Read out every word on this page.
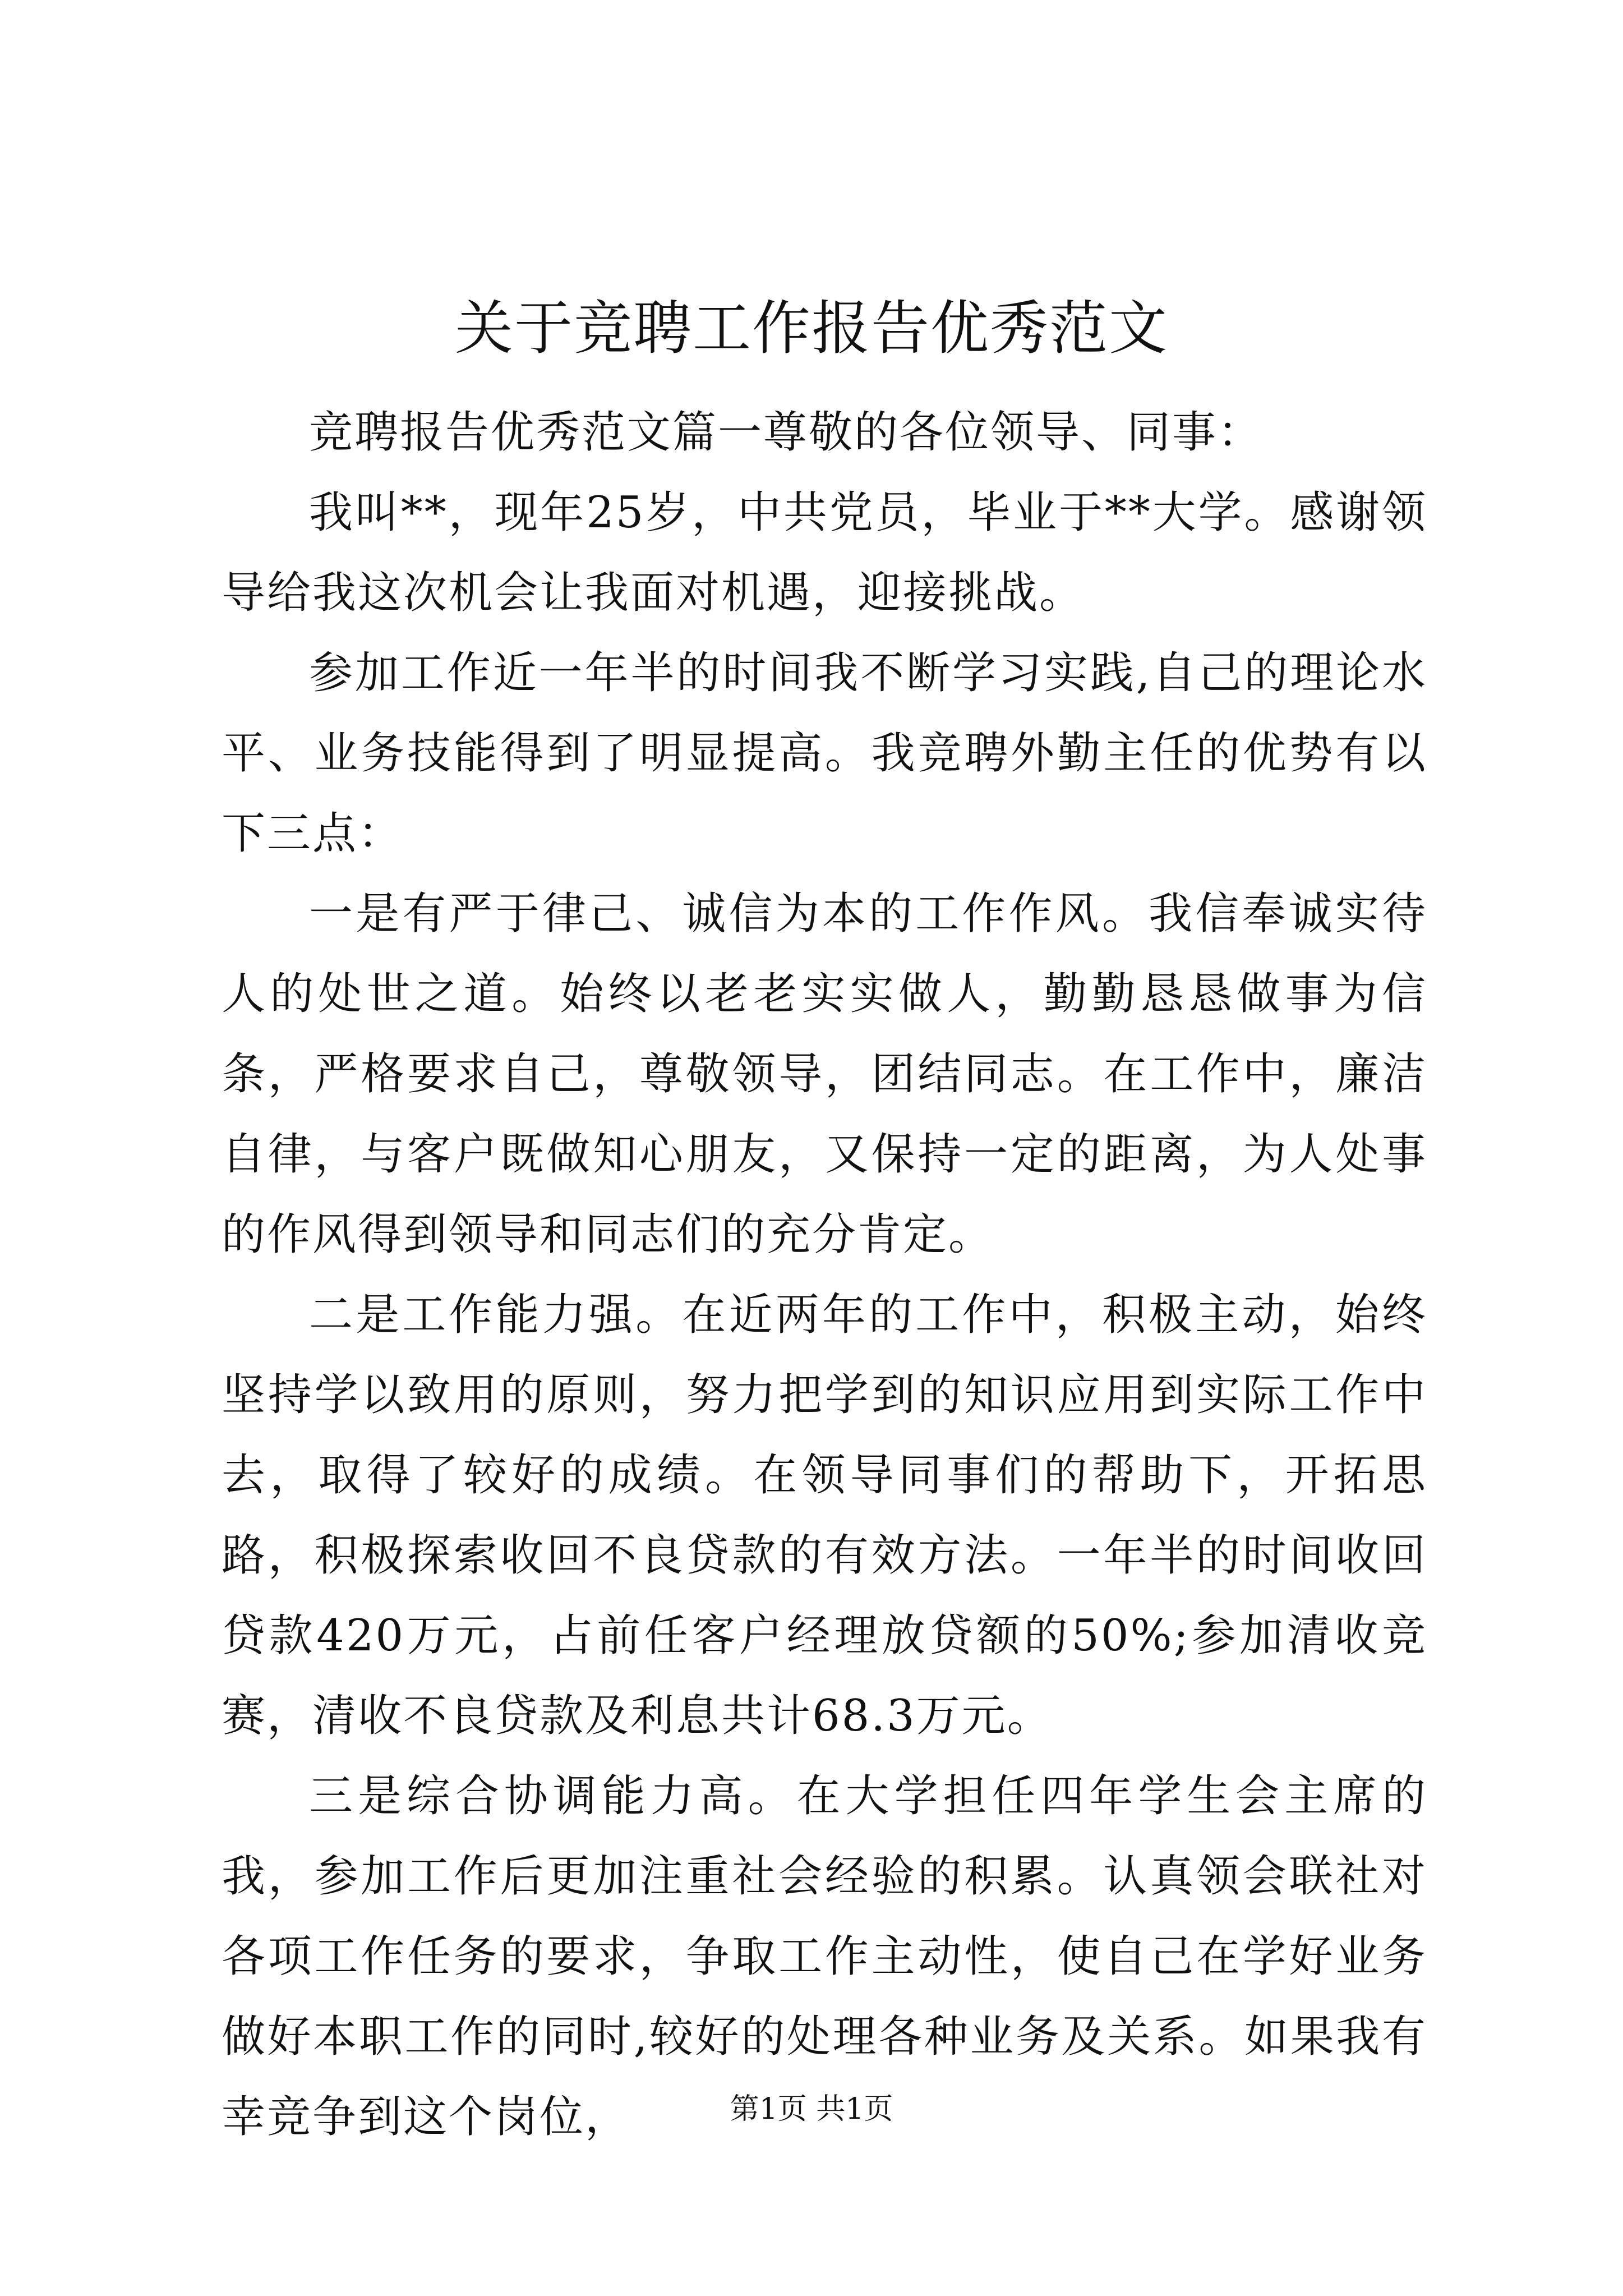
关于竞聘工作报告优秀范文

竞聘报告优秀范文篇一尊敬的各位领导、同事：

我叫**，现年25岁，中共党员，毕业于**大学。感谢领导给我这次机会让我面对机遇，迎接挑战。

参加工作近一年半的时间我不断学习实践,自己的理论水平、业务技能得到了明显提高。我竞聘外勤主任的优势有以下三点：

一是有严于律己、诚信为本的工作作风。我信奉诚实待人的处世之道。始终以老老实实做人，勤勤恳恳做事为信条，严格要求自己，尊敬领导，团结同志。在工作中，廉洁自律，与客户既做知心朋友，又保持一定的距离，为人处事的作风得到领导和同志们的充分肯定。

二是工作能力强。在近两年的工作中，积极主动，始终坚持学以致用的原则，努力把学到的知识应用到实际工作中去，取得了较好的成绩。在领导同事们的帮助下，开拓思路，积极探索收回不良贷款的有效方法。一年半的时间收回贷款420万元，占前任客户经理放贷额的50%;参加清收竞赛，清收不良贷款及利息共计68.3万元。

三是综合协调能力高。在大学担任四年学生会主席的我，参加工作后更加注重社会经验的积累。认真领会联社对各项工作任务的要求，争取工作主动性，使自己在学好业务做好本职工作的同时,较好的处理各种业务及关系。如果我有幸竞争到这个岗位，	第1页 共1页
